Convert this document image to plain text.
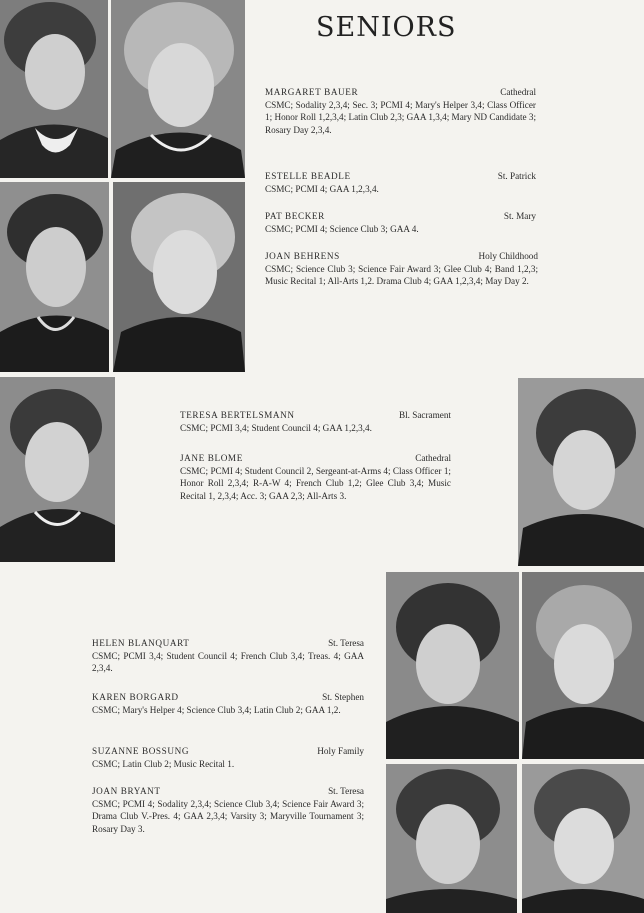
SENIORS
MARGARET BAUER	Cathedral
CSMC; Sodality 2,3,4; Sec. 3; PCMI 4; Mary's Helper 3,4; Class Officer 1; Honor Roll 1,2,3,4; Latin Club 2,3; GAA 1,3,4; Mary ND Candidate 3; Rosary Day 2,3,4.
ESTELLE BEADLE	St. Patrick
CSMC; PCMI 4; GAA 1,2,3,4.
PAT BECKER	St. Mary
CSMC; PCMI 4; Science Club 3; GAA 4.
JOAN BEHRENS	Holy Childhood
CSMC; Science Club 3; Science Fair Award 3; Glee Club 4; Band 1,2,3; Music Recital 1; All-Arts 1,2. Drama Club 4; GAA 1,2,3,4; May Day 2.
TERESA BERTELSMANN	Bl. Sacrament
CSMC; PCMI 3,4; Student Council 4; GAA 1,2,3,4.
JANE BLOME	Cathedral
CSMC; PCMI 4; Student Council 2, Sergeant-at-Arms 4; Class Officer 1; Honor Roll 2,3,4; R-A-W 4; French Club 1,2; Glee Club 3,4; Music Recital 1, 2,3,4; Acc. 3; GAA 2,3; All-Arts 3.
HELEN BLANQUART	St. Teresa
CSMC; PCMI 3,4; Student Council 4; French Club 3,4; Treas. 4; GAA 2,3,4.
KAREN BORGARD	St. Stephen
CSMC; Mary's Helper 4; Science Club 3,4; Latin Club 2; GAA 1,2.
SUZANNE BOSSUNG	Holy Family
CSMC; Latin Club 2; Music Recital 1.
JOAN BRYANT	St. Teresa
CSMC; PCMI 4; Sodality 2,3,4; Science Club 3,4; Science Fair Award 3; Drama Club V.-Pres. 4; GAA 2,3,4; Varsity 3; Maryville Tournament 3; Rosary Day 3.
